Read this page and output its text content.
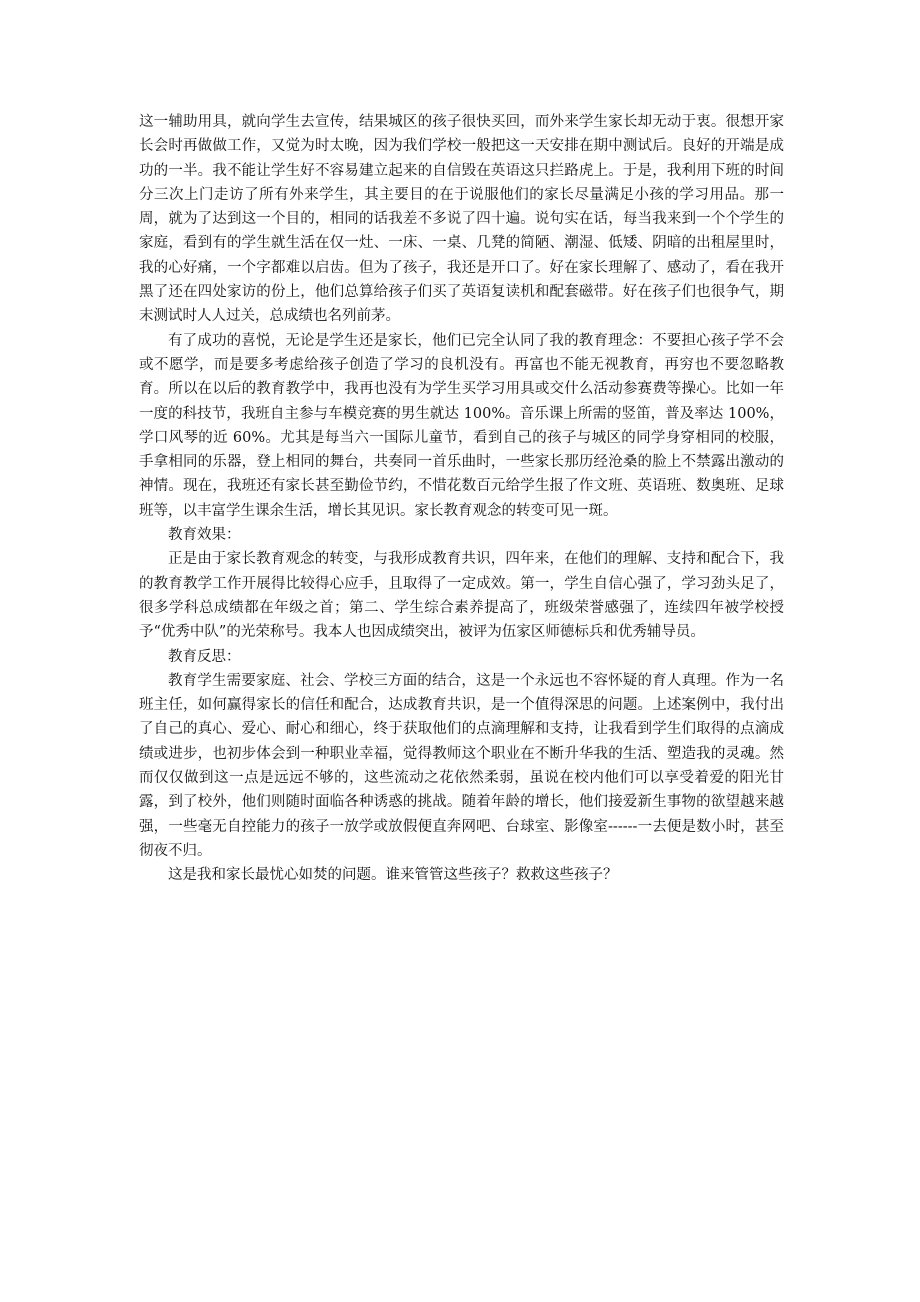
这一辅助用具，就向学生去宣传，结果城区的孩子很快买回，而外来学生家长却无动于衷。很想开家长会时再做做工作，又觉为时太晚，因为我们学校一般把这一天安排在期中测试后。良好的开端是成功的一半。我不能让学生好不容易建立起来的自信毁在英语这只拦路虎上。于是，我利用下班的时间分三次上门走访了所有外来学生，其主要目的在于说服他们的家长尽量满足小孩的学习用品。那一周，就为了达到这一个目的，相同的话我差不多说了四十遍。说句实在话，每当我来到一个个学生的家庭，看到有的学生就生活在仅一灶、一床、一桌、几凳的简陋、潮湿、低矮、阴暗的出租屋里时，我的心好痛，一个字都难以启齿。但为了孩子，我还是开口了。好在家长理解了、感动了，看在我开黑了还在四处家访的份上，他们总算给孩子们买了英语复读机和配套磁带。好在孩子们也很争气，期末测试时人人过关，总成绩也名列前茅。

有了成功的喜悦，无论是学生还是家长，他们已完全认同了我的教育理念：不要担心孩子学不会或不愿学，而是要多考虑给孩子创造了学习的良机没有。再富也不能无视教育，再穷也不要忽略教育。所以在以后的教育教学中，我再也没有为学生买学习用具或交什么活动参赛费等操心。比如一年一度的科技节，我班自主参与车模竞赛的男生就达 100%。音乐课上所需的竖笛，普及率达 100%，学口风琴的近 60%。尤其是每当六一国际儿童节，看到自己的孩子与城区的同学身穿相同的校服，手拿相同的乐器，登上相同的舞台，共奏同一首乐曲时，一些家长那历经沧桑的脸上不禁露出激动的神情。现在，我班还有家长甚至勤俭节约，不惜花数百元给学生报了作文班、英语班、数奥班、足球班等，以丰富学生课余生活，增长其见识。家长教育观念的转变可见一斑。

教育效果：

正是由于家长教育观念的转变，与我形成教育共识，四年来，在他们的理解、支持和配合下，我的教育教学工作开展得比较得心应手，且取得了一定成效。第一，学生自信心强了，学习劲头足了，很多学科总成绩都在年级之首；第二、学生综合素养提高了，班级荣誉感强了，连续四年被学校授予“优秀中队”的光荣称号。我本人也因成绩突出，被评为伍家区师德标兵和优秀辅导员。

教育反思：

教育学生需要家庭、社会、学校三方面的结合，这是一个永远也不容怀疑的育人真理。作为一名班主任，如何赢得家长的信任和配合，达成教育共识，是一个值得深思的问题。上述案例中，我付出了自己的真心、爱心、耐心和细心，终于获取他们的点滴理解和支持，让我看到学生们取得的点滴成绩或进步，也初步体会到一种职业幸福，觉得教师这个职业在不断升华我的生活、塑造我的灵魂。然而仅仅做到这一点是远远不够的，这些流动之花依然柔弱，虽说在校内他们可以享受着爱的阳光甘露，到了校外，他们则随时面临各种诱惑的挑战。随着年龄的增长，他们接爱新生事物的欲望越来越强，一些毫无自控能力的孩子一放学或放假便直奔网吧、台球室、影像室------一去便是数小时，甚至彻夜不归。

这是我和家长最忧心如焚的问题。谁来管管这些孩子？救救这些孩子？
